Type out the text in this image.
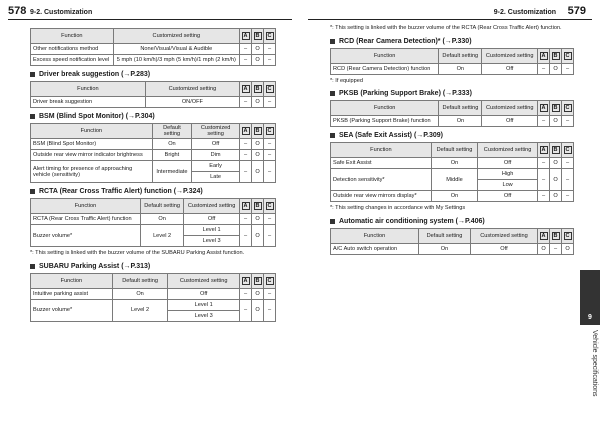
578 9-2. Customization	9-2. Customization 579
Function	Customized setting	A	B	C
Other notifications method	None/Visual/Visual & Audible	–	O	–
Excess speed notification level	5 mph (10 km/h)/3 mph (5 km/h)/1 mph (2 km/h)	–	O	–
Driver break suggestion (→P.283)
Function	Customized setting	A	B	C
Driver break suggestion	ON/OFF	–	O	–
BSM (Blind Spot Monitor) (→P.304)
Function	Default setting	Customized setting	A	B	C
BSM (Blind Spot Monitor)	On	Off	–	O	–
Outside rear view mirror indicator brightness	Bright	Dim	–	O	–
Alert timing for presence of approaching vehicle (sensitivity)	Intermediate	Early	–	O	–
		Late			
RCTA (Rear Cross Traffic Alert) function (→P.324)
Function	Default setting	Customized setting	A	B	C
RCTA (Rear Cross Traffic Alert) function	On	Off	–	O	–
Buzzer volume*	Level 2	Level 1	–	O	–
		Level 3			
*: This setting is linked with the buzzer volume of the SUBARU Parking Assist function.
SUBARU Parking Assist (→P.313)
Function	Default setting	Customized setting	A	B	C
Intuitive parking assist	On	Off	–	O	–
Buzzer volume*	Level 2	Level 1	–	O	–
		Level 3			
*: This setting is linked with the buzzer volume of the RCTA (Rear Cross Traffic Alert) function.
RCD (Rear Camera Detection)* (→P.330)
Function	Default setting	Customized setting	A	B	C
RCD (Rear Camera Detection) function	On	Off	–	O	–
*: If equipped
PKSB (Parking Support Brake) (→P.333)
Function	Default setting	Customized setting	A	B	C
PKSB (Parking Support Brake) function	On	Off	–	O	–
SEA (Safe Exit Assist) (→P.309)
Function	Default setting	Customized setting	A	B	C
Safe Exit Assist	On	Off	–	O	–
Detection sensitivity*	Middle	High	–	O	–
		Low			
Outside rear view mirrors display*	On	Off	–	O	–
*: This setting changes in accordance with My Settings
Automatic air conditioning system (→P.406)
Function	Default setting	Customized setting	A	B	C
A/C Auto switch operation	On	Off	O	–	O
9
Vehicle specifications
